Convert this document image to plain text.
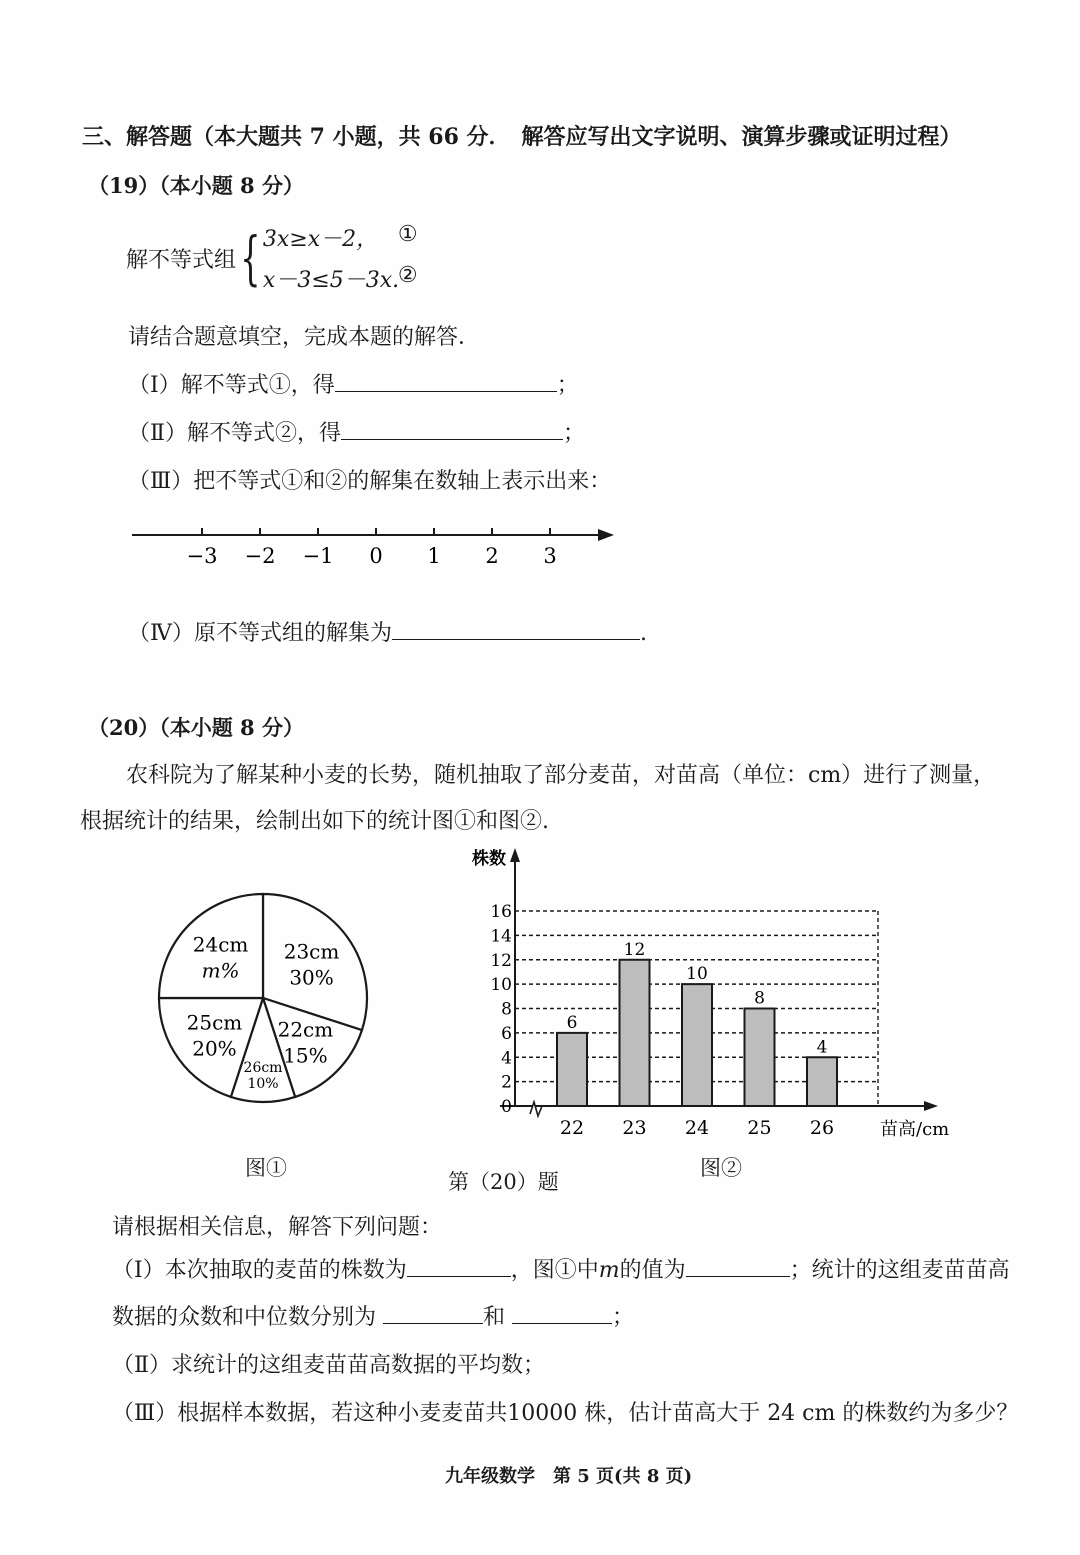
三、解答题（本大题共 7 小题，共 66 分．　解答应写出文字说明、演算步骤或证明过程）
（19）（本小题 8 分）
解不等式组 { 3x≥x－2， ①
x－3≤5－3x.
②
请结合题意填空，完成本题的解答．
（Ⅰ）解不等式①，得	；
（Ⅱ）解不等式②，得	；
（Ⅲ）把不等式①和②的解集在数轴上表示出来：
−3 −2 −1 0 1 2 3
（Ⅳ）原不等式组的解集为	.
（20）（本小题 8 分）
农科院为了解某种小麦的长势，随机抽取了部分麦苗，对苗高（单位：cm）进行了测量，
根据统计的结果，绘制出如下的统计图①和图②.
23cm
30%
22cm
15%
26cm
10%
25cm
20%
24cm
m%
株数
苗高/cm
0
2
4
6
8
10
12
14
16
6
22
12
23
10
24
8
25
4
26
图①	图②
第（20）题
请根据相关信息，解答下列问题：
（Ⅰ）本次抽取的麦苗的株数为	，图①中m的值为	；统计的这组麦苗苗高
数据的众数和中位数分别为	和	；
（Ⅱ）求统计的这组麦苗苗高数据的平均数；
（Ⅲ）根据样本数据，若这种小麦麦苗共10000 株，估计苗高大于 24 cm 的株数约为多少？
九年级数学　第 5 页(共 8 页)
